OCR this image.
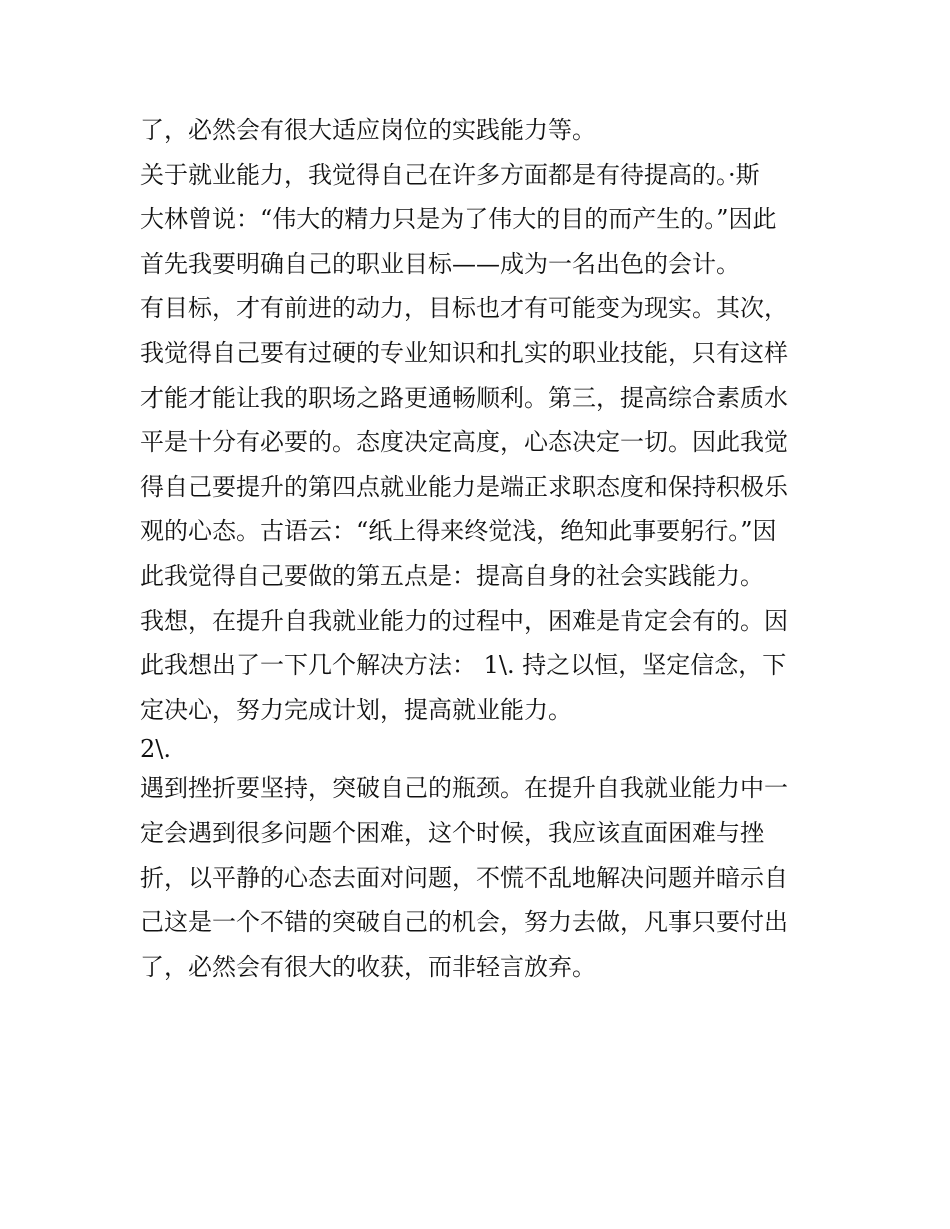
了，必然会有很大适应岗位的实践能力等。

关于就业能力，我觉得自己在许多方面都是有待提高的。·斯

大林曾说：“伟大的精力只是为了伟大的目的而产生的。”因此

首先我要明确自己的职业目标——成为一名出色的会计。

有目标，才有前进的动力，目标也才有可能变为现实。其次，

我觉得自己要有过硬的专业知识和扎实的职业技能，只有这样

才能才能让我的职场之路更通畅顺利。第三，提高综合素质水

平是十分有必要的。态度决定高度，心态决定一切。因此我觉

得自己要提升的第四点就业能力是端正求职态度和保持积极乐

观的心态。古语云：“纸上得来终觉浅，绝知此事要躬行。”因

此我觉得自己要做的第五点是：提高自身的社会实践能力。

我想，在提升自我就业能力的过程中，困难是肯定会有的。因

此我想出了一下几个解决方法： 1\. 持之以恒，坚定信念，下

定决心，努力完成计划，提高就业能力。

2\.

遇到挫折要坚持，突破自己的瓶颈。在提升自我就业能力中一

定会遇到很多问题个困难，这个时候，我应该直面困难与挫

折，以平静的心态去面对问题，不慌不乱地解决问题并暗示自

己这是一个不错的突破自己的机会，努力去做，凡事只要付出

了，必然会有很大的收获，而非轻言放弃。
